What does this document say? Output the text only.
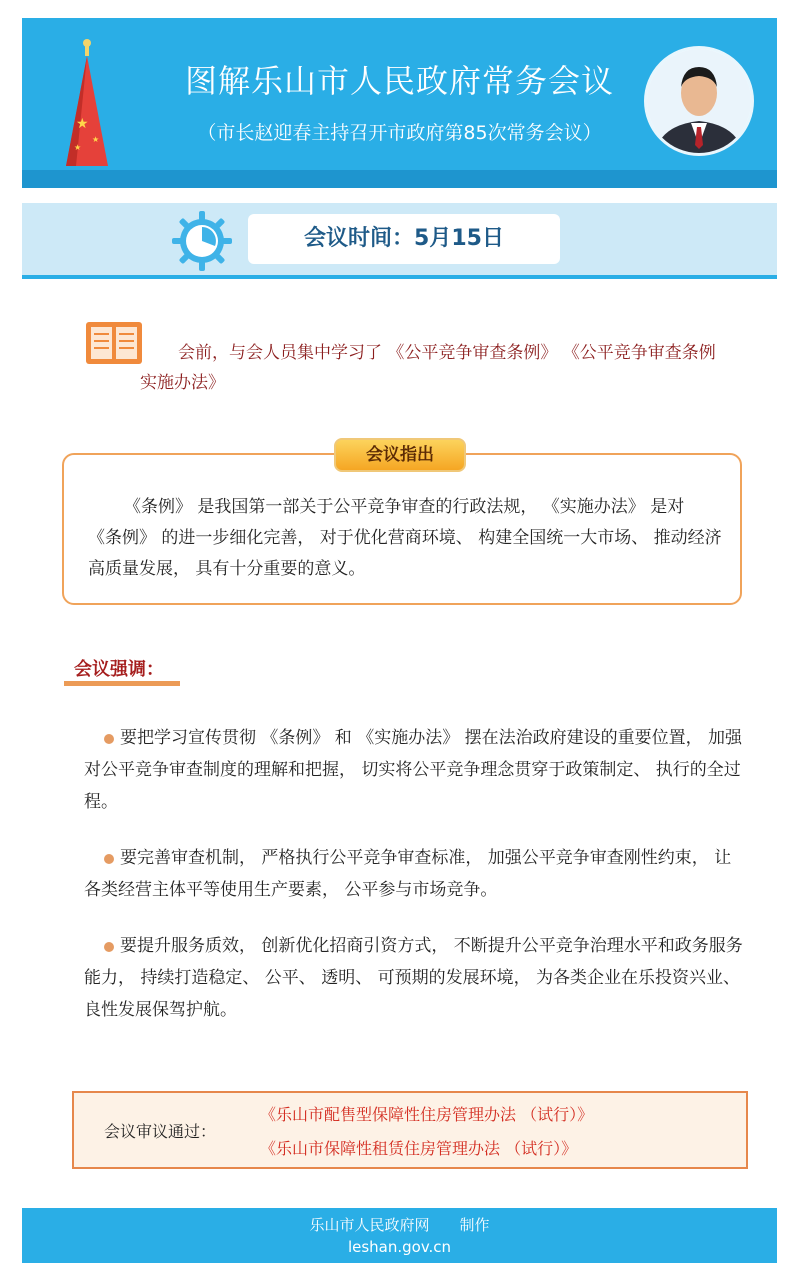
★
★
★
图解乐山市人民政府常务会议
（市长赵迎春主持召开市政府第85次常务会议）
会议时间：5月15日
会前，与会人员集中学习了 《公平竞争审查条例》 《公平竞争审查条例实施办法》
会议指出
《条例》 是我国第一部关于公平竞争审查的行政法规， 《实施办法》 是对 《条例》 的进一步细化完善， 对于优化营商环境、 构建全国统一大市场、 推动经济高质量发展， 具有十分重要的意义。
会议强调：
要把学习宣传贯彻 《条例》 和 《实施办法》 摆在法治政府建设的重要位置， 加强对公平竞争审查制度的理解和把握， 切实将公平竞争理念贯穿于政策制定、 执行的全过程。
要完善审查机制， 严格执行公平竞争审查标准， 加强公平竞争审查刚性约束， 让各类经营主体平等使用生产要素， 公平参与市场竞争。
要提升服务质效， 创新优化招商引资方式， 不断提升公平竞争治理水平和政务服务能力， 持续打造稳定、 公平、 透明、 可预期的发展环境， 为各类企业在乐投资兴业、 良性发展保驾护航。
会议审议通过：
《乐山市配售型保障性住房管理办法 （试行）》
《乐山市保障性租赁住房管理办法 （试行）》
乐山市人民政府网　　制作
leshan.gov.cn
